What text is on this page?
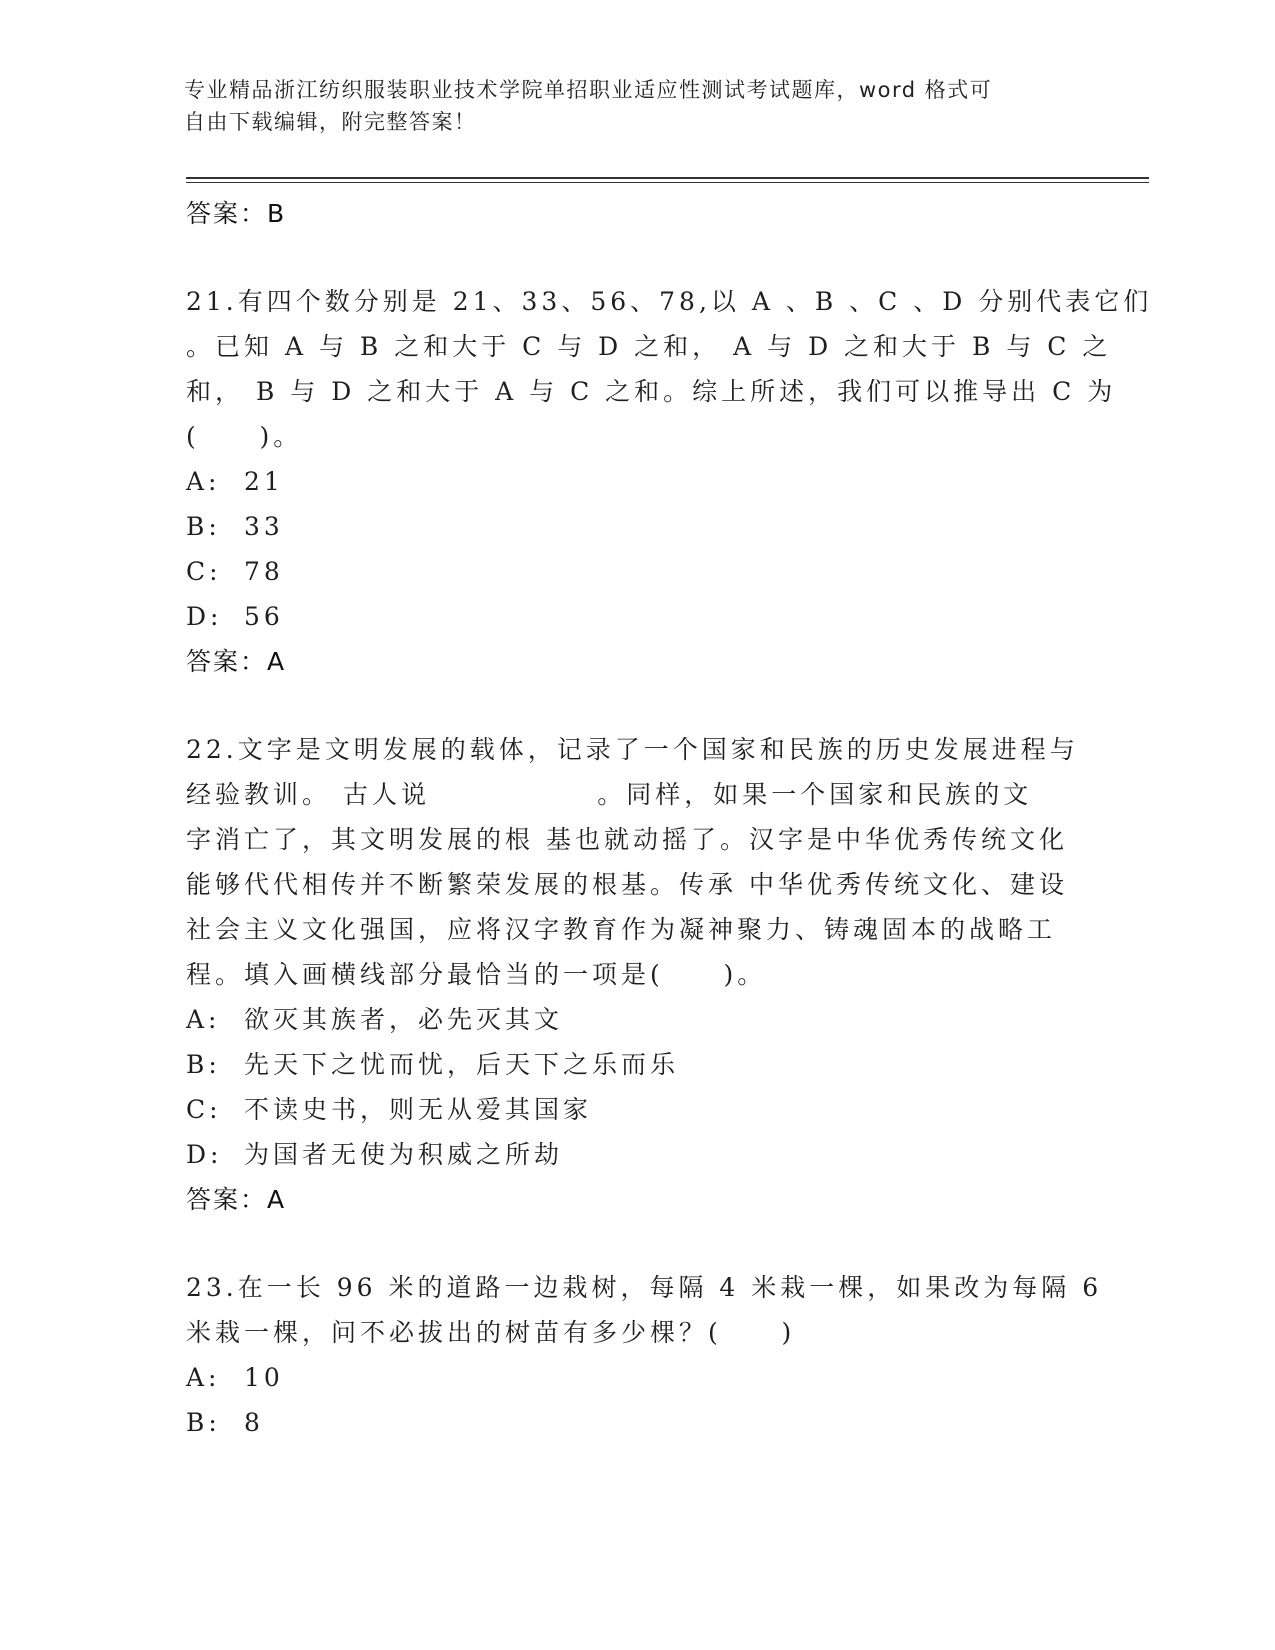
专业精品浙江纺织服装职业技术学院单招职业适应性测试考试题库，word 格式可
自由下载编辑，附完整答案！
答案：B
21.有四个数分别是 21、33、56、78,以 A 、B 、C 、D 分别代表它们
。已知 A 与 B 之和大于 C 与 D 之和， A 与 D 之和大于 B 与 C 之
和， B 与 D 之和大于 A 与 C 之和。综上所述，我们可以推导出 C 为
(     )。
A: 21
B: 33
C: 78
D: 56
答案：A
22.文字是文明发展的载体，记录了一个国家和民族的历史发展进程与
经验教训。 古人说              。同样，如果一个国家和民族的文
字消亡了，其文明发展的根 基也就动摇了。汉字是中华优秀传统文化
能够代代相传并不断繁荣发展的根基。传承 中华优秀传统文化、建设
社会主义文化强国，应将汉字教育作为凝神聚力、铸魂固本的战略工
程。填入画横线部分最恰当的一项是(     )。
A: 欲灭其族者，必先灭其文
B: 先天下之忧而忧，后天下之乐而乐
C: 不读史书，则无从爱其国家
D: 为国者无使为积威之所劫
答案：A
23.在一长 96 米的道路一边栽树，每隔 4 米栽一棵，如果改为每隔 6
米栽一棵，问不必拔出的树苗有多少棵？(     )
A: 10
B: 8
